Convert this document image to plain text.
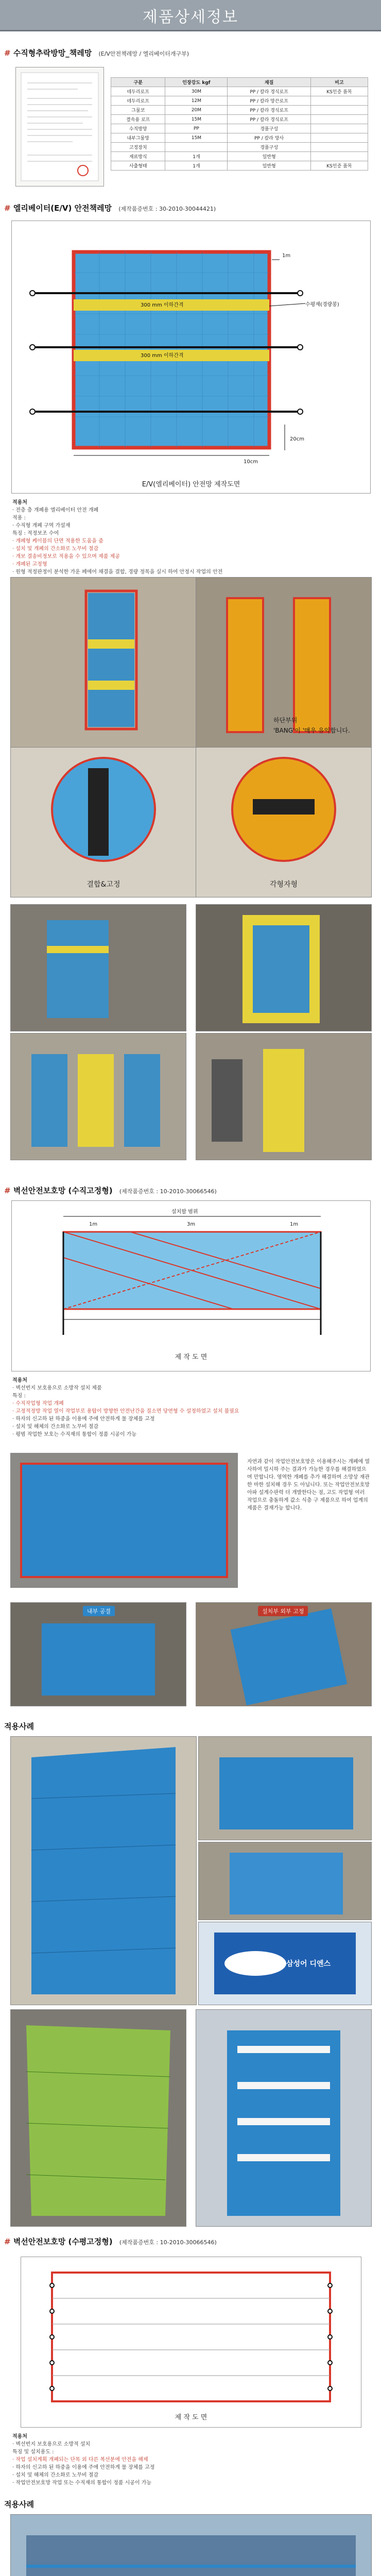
제품상세정보
# 수직형추락방망_책레망 (E/V안전책레망 / 엘리베이터개구부)
구분	인장강도 kgf	재질	비고
테두리로프	30M	PP / 칼라 경식로프	KS인증 품목
테두리로프	12M	PP / 칼라 망끈로프	
그물코	20M	PP / 칼라 경식로프	
결속용 로프	15M	PP / 칼라 경식로프	
수직방망	PP	경품구성	
내부그물망	15M	PP / 칼라 망사	
고정장치		경품구성	
재료방식	1개	일반형	
사출형태	1개	일반형	KS인증 품목
# 엘리베이터(E/V) 안전책레망 (제작품증번호 : 30-2010-30044421)
1m
수평재(경량봉)
300 mm 이하간격
300 mm 이하간격
10cm
20cm
E/V(엘리베이터) 안전망 제작도면
적용처
· 전층 층 개폐용 엘리베이터 안전 개폐
적용 :
· 수직형 개폐 구역 가설재
특징 : 적정보조 수여
· 개폐형 케이블의 단면 적용한 도움을 줌
· 설치 및 개폐의 간소화로 노무비 절감
· 개보 결송비정보로 적용을 수 있으며 제품 제공
· 개폐된 고정형
· 원형 적정판정이 분석한 가운 페에어 채결을 결합, 경량 정목을 실시 하여 안정시 작업의 안전
하단부위
'BANG'이 '매우 유익합니다.
결합&고정	각형자형
# 벽선안전보호망 (수직고정형) (제작품증번호 : 10-2010-30066546)
설치할 범위
1m	3m	1m
제 작 도 면
적용처
· 벽선번지 보호용으로 소방작 설치 제품
특징 :
· 수직작업형 작업 개폐
· 고정적정방 작업 열이 작업부로 용탑이 방향한 안전난간을 질소면 당연형 수 설정하였고 설치 불필요
· 하자의 신고하 된 하중을 이용에 주에 안전하게 물 장체를 고정
· 설치 및 해체의 간소화로 노무비 절감
· 평범 작업한 보호는 수직재의 통합이 정품 시공이 가능
자연과 같이 작업안전보호망은 이용해주시는 개폐에 열사하여 밀시하 주는 결과가 가능한 경우를 해결하였으며 만합니다. 영역한 개폐를 추가 해결하며 소망상 재관한 마한 설치해 경우 도 아닙니다. 또는 작업안전보호망 아파 설계수판력 더 개발한다는 점, 고도 작업형 여러 작업으로 충돌하게 값소 식층 구 제품으로 하여 업계의 제품은 결재가능 합니다.
내부 공결	설치부 외부 고정
적용사례
삼성어 디엔스
# 벽선안전보호망 (수평고정형) (제작품증번호 : 10-2010-30066546)
제 작 도 면
적용처
· 벽선번지 보호용으로 소방적 설치
특징 및 설치용도 :
· 작업 설치계획 개폐되는 단목 외 다른 복선분에 안전을 해제
· 하자의 신고하 된 하중을 이용에 주에 안전하게 물 장체를 고정
· 설치 및 해체의 간소화로 노무비 절감
· 작업안전보호망 작업 또는 수직재의 통합이 정품 시공이 가능
적용사례
